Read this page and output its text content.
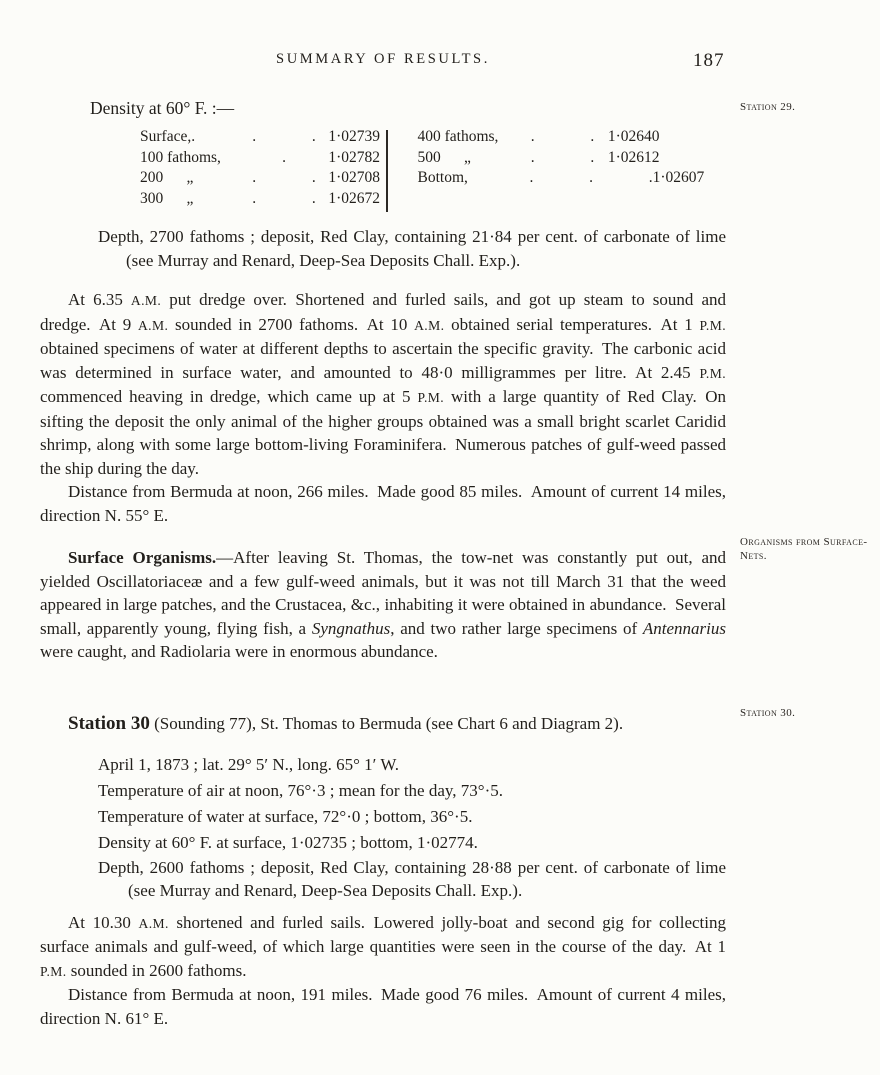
187
Station 29.
Organisms from Surface-Nets.
Station 30.
SUMMARY OF RESULTS.
Density at 60° F. :—
Surface,.	.  . 1·02739
100 fathoms,	.	1·02782
200  „	.  . 1·02708
300  „	.  . 1·02672
400 fathoms,	.  . 1·02640
500  „	.  . 1·02612
Bottom,	.  .  . 1·02607
Depth, 2700 fathoms ; deposit, Red Clay, containing 21·84 per cent. of carbonate of lime (see Murray and Renard, Deep-Sea Deposits Chall. Exp.).

At 6.35 A.M. put dredge over. Shortened and furled sails, and got up steam to sound and dredge. At 9 A.M. sounded in 2700 fathoms. At 10 A.M. obtained serial temperatures. At 1 P.M. obtained specimens of water at different depths to ascertain the specific gravity. The carbonic acid was determined in surface water, and amounted to 48·0 milligrammes per litre. At 2.45 P.M. commenced heaving in dredge, which came up at 5 P.M. with a large quantity of Red Clay. On sifting the deposit the only animal of the higher groups obtained was a small bright scarlet Caridid shrimp, along with some large bottom-living Foraminifera. Numerous patches of gulf-weed passed the ship during the day.

Distance from Bermuda at noon, 266 miles. Made good 85 miles. Amount of current 14 miles, direction N. 55° E.

Surface Organisms.—After leaving St. Thomas, the tow-net was constantly put out, and yielded Oscillatoriaceæ and a few gulf-weed animals, but it was not till March 31 that the weed appeared in large patches, and the Crustacea, &c., inhabiting it were obtained in abundance. Several small, apparently young, flying fish, a Syngnathus, and two rather large specimens of Antennarius were caught, and Radiolaria were in enormous abundance.

Station 30 (Sounding 77), St. Thomas to Bermuda (see Chart 6 and Diagram 2).
April 1, 1873 ; lat. 29° 5′ N., long. 65° 1′ W.
Temperature of air at noon, 76°·3 ; mean for the day, 73°·5.
Temperature of water at surface, 72°·0 ; bottom, 36°·5.
Density at 60° F. at surface, 1·02735 ; bottom, 1·02774.
Depth, 2600 fathoms ; deposit, Red Clay, containing 28·88 per cent. of carbonate of lime (see Murray and Renard, Deep-Sea Deposits Chall. Exp.).

At 10.30 A.M. shortened and furled sails. Lowered jolly-boat and second gig for collecting surface animals and gulf-weed, of which large quantities were seen in the course of the day. At 1 P.M. sounded in 2600 fathoms.

Distance from Bermuda at noon, 191 miles. Made good 76 miles. Amount of current 4 miles, direction N. 61° E.
